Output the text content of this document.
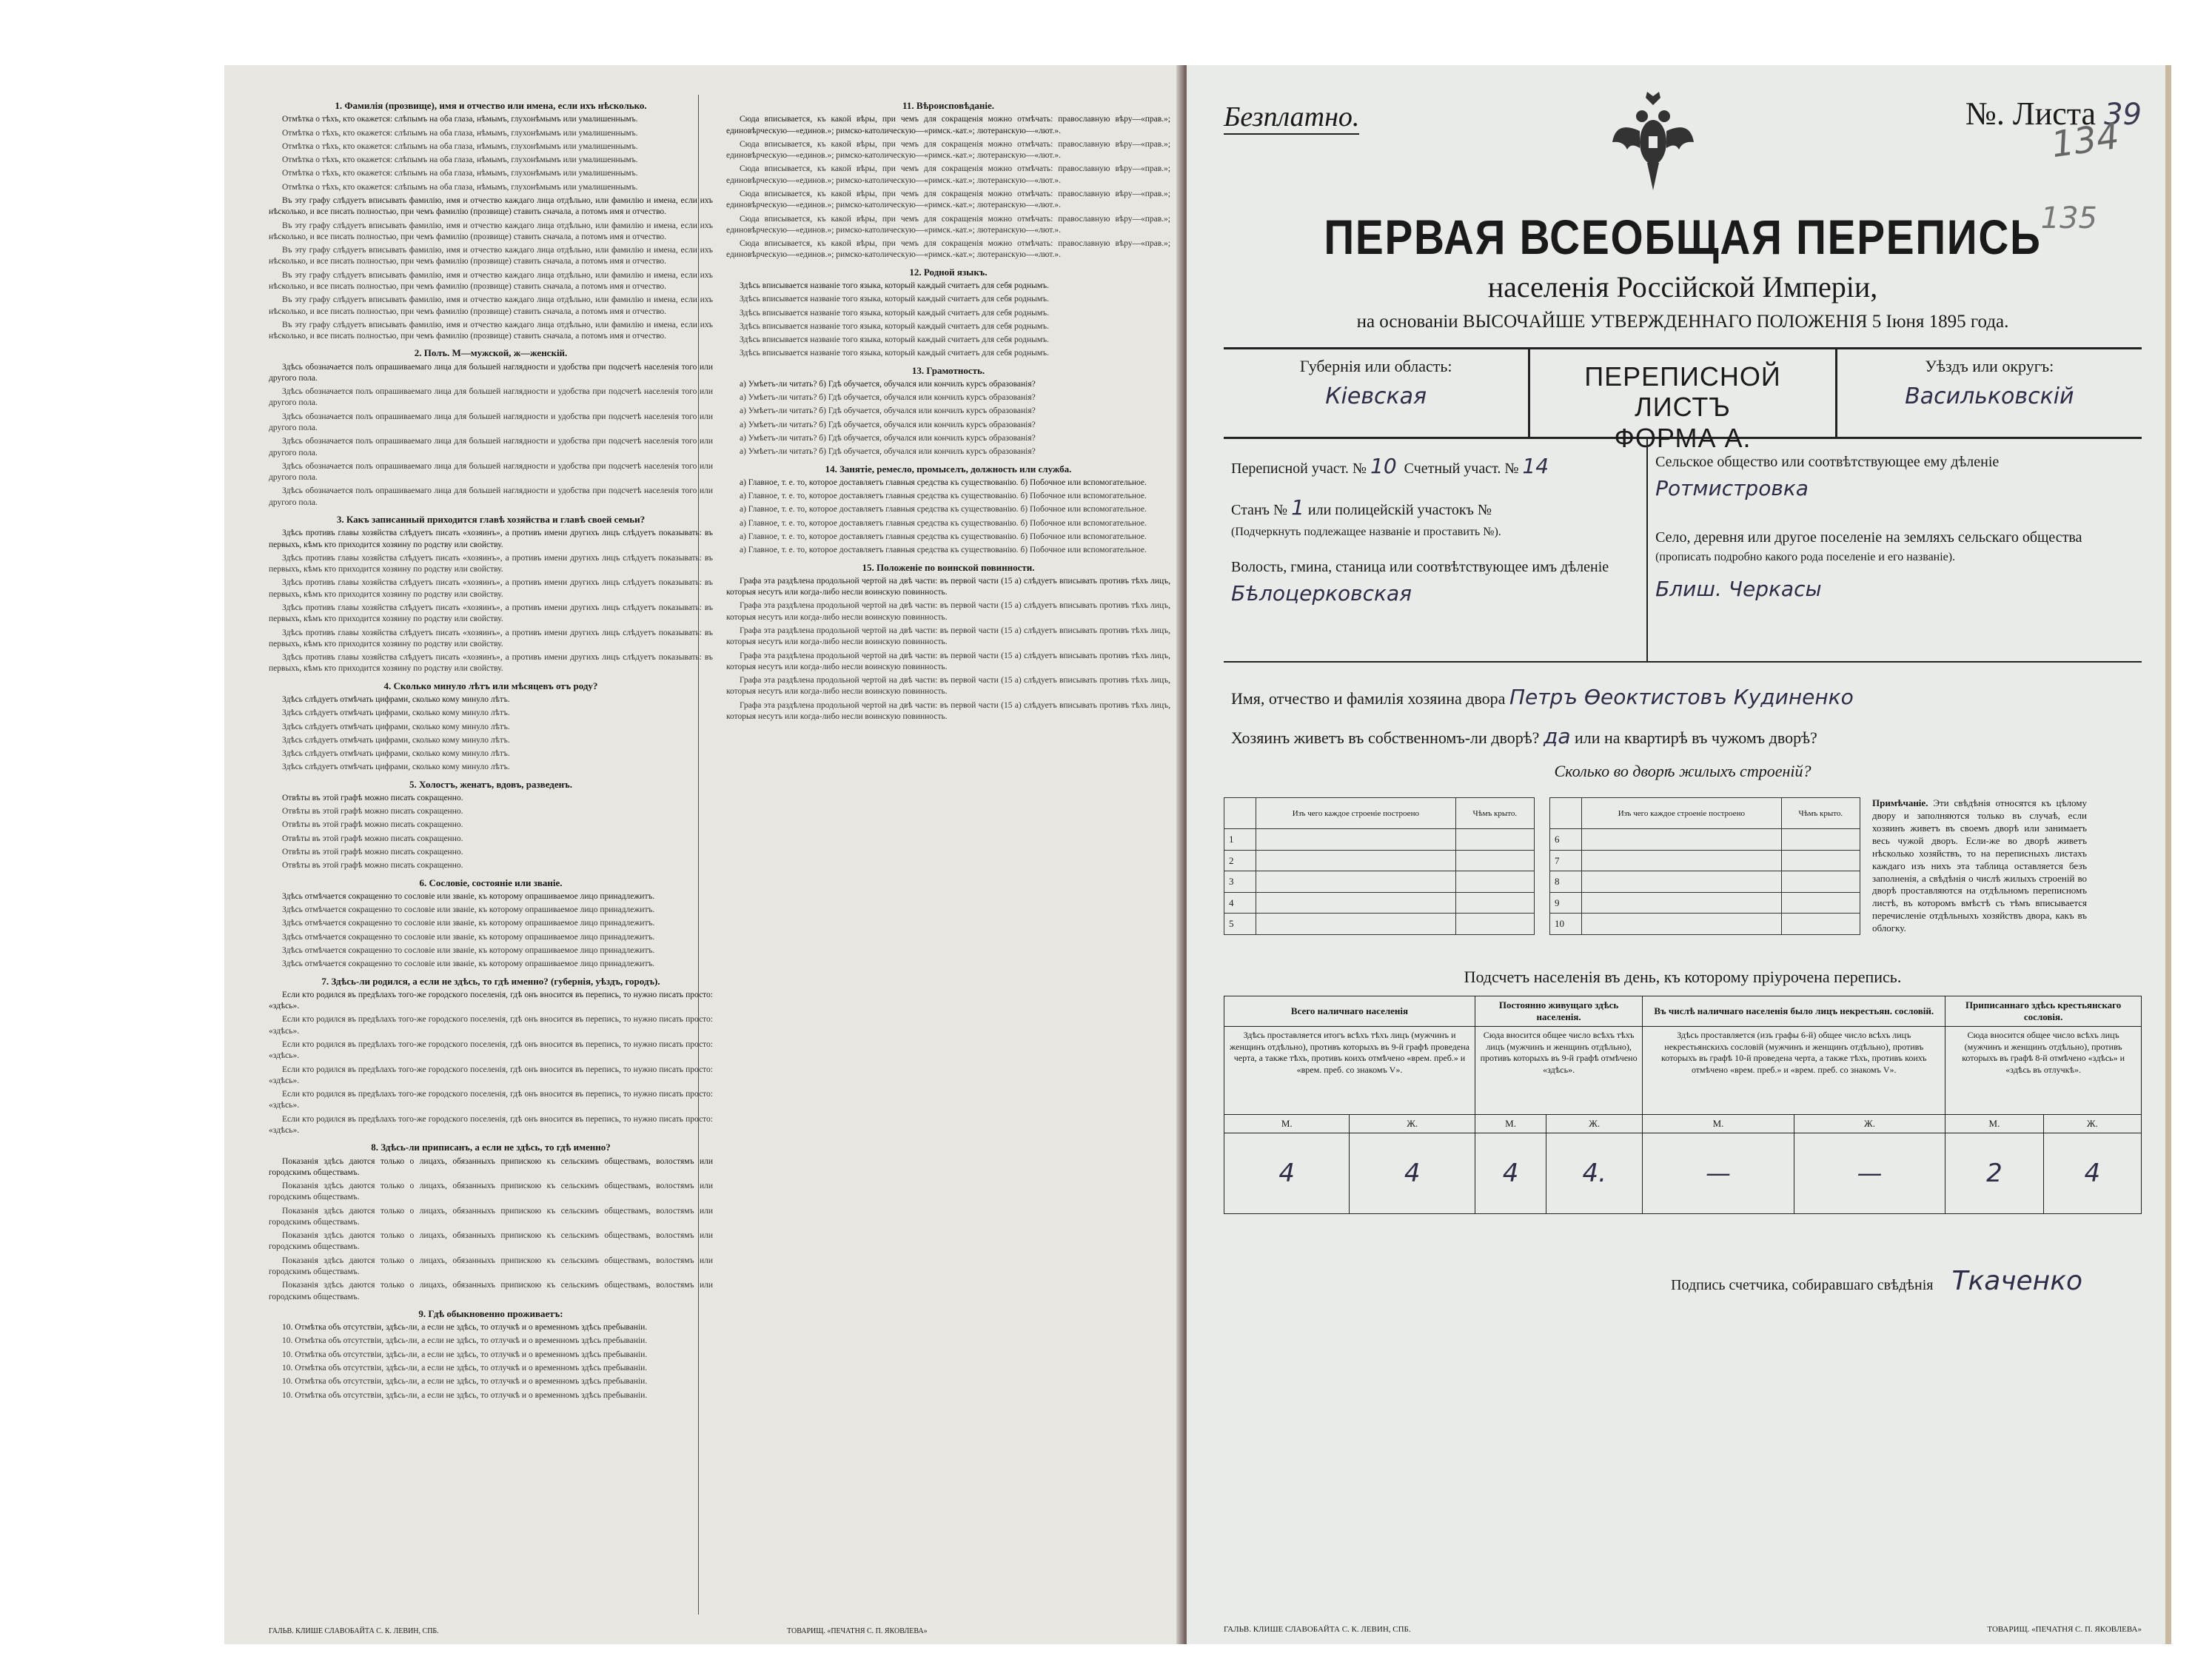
1. Фамилія (прозвище), имя и отчество или имена, если ихъ нѣсколько.

Отмѣтка о тѣхъ, кто окажется: слѣпымъ на оба глаза, нѣмымъ, глухонѣмымъ или умалишеннымъ.

Отмѣтка о тѣхъ, кто окажется: слѣпымъ на оба глаза, нѣмымъ, глухонѣмымъ или умалишеннымъ.

Отмѣтка о тѣхъ, кто окажется: слѣпымъ на оба глаза, нѣмымъ, глухонѣмымъ или умалишеннымъ.

Отмѣтка о тѣхъ, кто окажется: слѣпымъ на оба глаза, нѣмымъ, глухонѣмымъ или умалишеннымъ.

Отмѣтка о тѣхъ, кто окажется: слѣпымъ на оба глаза, нѣмымъ, глухонѣмымъ или умалишеннымъ.

Отмѣтка о тѣхъ, кто окажется: слѣпымъ на оба глаза, нѣмымъ, глухонѣмымъ или умалишеннымъ.

Въ эту графу слѣдуетъ вписывать фамилію, имя и отчество каждаго лица отдѣльно, или фамилію и имена, если ихъ нѣсколько, и все писать полностью, при чемъ фамилію (прозвище) ставить сначала, а потомъ имя и отчество.

Въ эту графу слѣдуетъ вписывать фамилію, имя и отчество каждаго лица отдѣльно, или фамилію и имена, если ихъ нѣсколько, и все писать полностью, при чемъ фамилію (прозвище) ставить сначала, а потомъ имя и отчество.

Въ эту графу слѣдуетъ вписывать фамилію, имя и отчество каждаго лица отдѣльно, или фамилію и имена, если ихъ нѣсколько, и все писать полностью, при чемъ фамилію (прозвище) ставить сначала, а потомъ имя и отчество.

Въ эту графу слѣдуетъ вписывать фамилію, имя и отчество каждаго лица отдѣльно, или фамилію и имена, если ихъ нѣсколько, и все писать полностью, при чемъ фамилію (прозвище) ставить сначала, а потомъ имя и отчество.

Въ эту графу слѣдуетъ вписывать фамилію, имя и отчество каждаго лица отдѣльно, или фамилію и имена, если ихъ нѣсколько, и все писать полностью, при чемъ фамилію (прозвище) ставить сначала, а потомъ имя и отчество.

Въ эту графу слѣдуетъ вписывать фамилію, имя и отчество каждаго лица отдѣльно, или фамилію и имена, если ихъ нѣсколько, и все писать полностью, при чемъ фамилію (прозвище) ставить сначала, а потомъ имя и отчество.

2. Полъ. М—мужской, ж—женскій.

Здѣсь обозначается полъ опрашиваемаго лица для большей наглядности и удобства при подсчетѣ населенія того или другого пола.

Здѣсь обозначается полъ опрашиваемаго лица для большей наглядности и удобства при подсчетѣ населенія того или другого пола.

Здѣсь обозначается полъ опрашиваемаго лица для большей наглядности и удобства при подсчетѣ населенія того или другого пола.

Здѣсь обозначается полъ опрашиваемаго лица для большей наглядности и удобства при подсчетѣ населенія того или другого пола.

Здѣсь обозначается полъ опрашиваемаго лица для большей наглядности и удобства при подсчетѣ населенія того или другого пола.

Здѣсь обозначается полъ опрашиваемаго лица для большей наглядности и удобства при подсчетѣ населенія того или другого пола.

3. Какъ записанный приходится главѣ хозяйства и главѣ своей семьи?

Здѣсь противъ главы хозяйства слѣдуетъ писать «хозяинъ», а противъ имени другихъ лицъ слѣдуетъ показывать: въ первыхъ, кѣмъ кто приходится хозяину по родству или свойству.

Здѣсь противъ главы хозяйства слѣдуетъ писать «хозяинъ», а противъ имени другихъ лицъ слѣдуетъ показывать: въ первыхъ, кѣмъ кто приходится хозяину по родству или свойству.

Здѣсь противъ главы хозяйства слѣдуетъ писать «хозяинъ», а противъ имени другихъ лицъ слѣдуетъ показывать: въ первыхъ, кѣмъ кто приходится хозяину по родству или свойству.

Здѣсь противъ главы хозяйства слѣдуетъ писать «хозяинъ», а противъ имени другихъ лицъ слѣдуетъ показывать: въ первыхъ, кѣмъ кто приходится хозяину по родству или свойству.

Здѣсь противъ главы хозяйства слѣдуетъ писать «хозяинъ», а противъ имени другихъ лицъ слѣдуетъ показывать: въ первыхъ, кѣмъ кто приходится хозяину по родству или свойству.

Здѣсь противъ главы хозяйства слѣдуетъ писать «хозяинъ», а противъ имени другихъ лицъ слѣдуетъ показывать: въ первыхъ, кѣмъ кто приходится хозяину по родству или свойству.

4. Сколько минуло лѣтъ или мѣсяцевъ отъ роду?

Здѣсь слѣдуетъ отмѣчать цифрами, сколько кому минуло лѣтъ.

Здѣсь слѣдуетъ отмѣчать цифрами, сколько кому минуло лѣтъ.

Здѣсь слѣдуетъ отмѣчать цифрами, сколько кому минуло лѣтъ.

Здѣсь слѣдуетъ отмѣчать цифрами, сколько кому минуло лѣтъ.

Здѣсь слѣдуетъ отмѣчать цифрами, сколько кому минуло лѣтъ.

Здѣсь слѣдуетъ отмѣчать цифрами, сколько кому минуло лѣтъ.

5. Холостъ, женатъ, вдовъ, разведенъ.

Отвѣты въ этой графѣ можно писать сокращенно.

Отвѣты въ этой графѣ можно писать сокращенно.

Отвѣты въ этой графѣ можно писать сокращенно.

Отвѣты въ этой графѣ можно писать сокращенно.

Отвѣты въ этой графѣ можно писать сокращенно.

Отвѣты въ этой графѣ можно писать сокращенно.

6. Сословіе, состояніе или званіе.

Здѣсь отмѣчается сокращенно то сословіе или званіе, къ которому опрашиваемое лицо принадлежитъ.

Здѣсь отмѣчается сокращенно то сословіе или званіе, къ которому опрашиваемое лицо принадлежитъ.

Здѣсь отмѣчается сокращенно то сословіе или званіе, къ которому опрашиваемое лицо принадлежитъ.

Здѣсь отмѣчается сокращенно то сословіе или званіе, къ которому опрашиваемое лицо принадлежитъ.

Здѣсь отмѣчается сокращенно то сословіе или званіе, къ которому опрашиваемое лицо принадлежитъ.

Здѣсь отмѣчается сокращенно то сословіе или званіе, къ которому опрашиваемое лицо принадлежитъ.

7. Здѣсь-ли родился, а если не здѣсь, то гдѣ именно? (губернія, уѣздъ, городъ).

Если кто родился въ предѣлахъ того-же городского поселенія, гдѣ онъ вносится въ перепись, то нужно писать просто: «здѣсь».

Если кто родился въ предѣлахъ того-же городского поселенія, гдѣ онъ вносится въ перепись, то нужно писать просто: «здѣсь».

Если кто родился въ предѣлахъ того-же городского поселенія, гдѣ онъ вносится въ перепись, то нужно писать просто: «здѣсь».

Если кто родился въ предѣлахъ того-же городского поселенія, гдѣ онъ вносится въ перепись, то нужно писать просто: «здѣсь».

Если кто родился въ предѣлахъ того-же городского поселенія, гдѣ онъ вносится въ перепись, то нужно писать просто: «здѣсь».

Если кто родился въ предѣлахъ того-же городского поселенія, гдѣ онъ вносится въ перепись, то нужно писать просто: «здѣсь».

8. Здѣсь-ли приписанъ, а если не здѣсь, то гдѣ именно?

Показанія здѣсь даются только о лицахъ, обязанныхъ припискою къ сельскимъ обществамъ, волостямъ или городскимъ обществамъ.

Показанія здѣсь даются только о лицахъ, обязанныхъ припискою къ сельскимъ обществамъ, волостямъ или городскимъ обществамъ.

Показанія здѣсь даются только о лицахъ, обязанныхъ припискою къ сельскимъ обществамъ, волостямъ или городскимъ обществамъ.

Показанія здѣсь даются только о лицахъ, обязанныхъ припискою къ сельскимъ обществамъ, волостямъ или городскимъ обществамъ.

Показанія здѣсь даются только о лицахъ, обязанныхъ припискою къ сельскимъ обществамъ, волостямъ или городскимъ обществамъ.

Показанія здѣсь даются только о лицахъ, обязанныхъ припискою къ сельскимъ обществамъ, волостямъ или городскимъ обществамъ.

9. Гдѣ обыкновенно проживаетъ:

10. Отмѣтка объ отсутствіи, здѣсь-ли, а если не здѣсь, то отлучкѣ и о временномъ здѣсь пребываніи.

10. Отмѣтка объ отсутствіи, здѣсь-ли, а если не здѣсь, то отлучкѣ и о временномъ здѣсь пребываніи.

10. Отмѣтка объ отсутствіи, здѣсь-ли, а если не здѣсь, то отлучкѣ и о временномъ здѣсь пребываніи.

10. Отмѣтка объ отсутствіи, здѣсь-ли, а если не здѣсь, то отлучкѣ и о временномъ здѣсь пребываніи.

10. Отмѣтка объ отсутствіи, здѣсь-ли, а если не здѣсь, то отлучкѣ и о временномъ здѣсь пребываніи.

10. Отмѣтка объ отсутствіи, здѣсь-ли, а если не здѣсь, то отлучкѣ и о временномъ здѣсь пребываніи.

11. Вѣроисповѣданіе.

Сюда вписывается, къ какой вѣры, при чемъ для сокращенія можно отмѣчать: православную вѣру—«прав.»; единовѣрческую—«единов.»; римско-католическую—«римск.-кат.»; лютеранскую—«лют.».

Сюда вписывается, къ какой вѣры, при чемъ для сокращенія можно отмѣчать: православную вѣру—«прав.»; единовѣрческую—«единов.»; римско-католическую—«римск.-кат.»; лютеранскую—«лют.».

Сюда вписывается, къ какой вѣры, при чемъ для сокращенія можно отмѣчать: православную вѣру—«прав.»; единовѣрческую—«единов.»; римско-католическую—«римск.-кат.»; лютеранскую—«лют.».

Сюда вписывается, къ какой вѣры, при чемъ для сокращенія можно отмѣчать: православную вѣру—«прав.»; единовѣрческую—«единов.»; римско-католическую—«римск.-кат.»; лютеранскую—«лют.».

Сюда вписывается, къ какой вѣры, при чемъ для сокращенія можно отмѣчать: православную вѣру—«прав.»; единовѣрческую—«единов.»; римско-католическую—«римск.-кат.»; лютеранскую—«лют.».

Сюда вписывается, къ какой вѣры, при чемъ для сокращенія можно отмѣчать: православную вѣру—«прав.»; единовѣрческую—«единов.»; римско-католическую—«римск.-кат.»; лютеранскую—«лют.».

12. Родной языкъ.

Здѣсь вписывается названіе того языка, который каждый считаетъ для себя роднымъ.

Здѣсь вписывается названіе того языка, который каждый считаетъ для себя роднымъ.

Здѣсь вписывается названіе того языка, который каждый считаетъ для себя роднымъ.

Здѣсь вписывается названіе того языка, который каждый считаетъ для себя роднымъ.

Здѣсь вписывается названіе того языка, который каждый считаетъ для себя роднымъ.

Здѣсь вписывается названіе того языка, который каждый считаетъ для себя роднымъ.

13. Грамотность.

а) Умѣетъ-ли читать? б) Гдѣ обучается, обучался или кончилъ курсъ образованія?

а) Умѣетъ-ли читать? б) Гдѣ обучается, обучался или кончилъ курсъ образованія?

а) Умѣетъ-ли читать? б) Гдѣ обучается, обучался или кончилъ курсъ образованія?

а) Умѣетъ-ли читать? б) Гдѣ обучается, обучался или кончилъ курсъ образованія?

а) Умѣетъ-ли читать? б) Гдѣ обучается, обучался или кончилъ курсъ образованія?

а) Умѣетъ-ли читать? б) Гдѣ обучается, обучался или кончилъ курсъ образованія?

14. Занятіе, ремесло, промыселъ, должность или служба.

а) Главное, т. е. то, которое доставляетъ главныя средства къ существованію. б) Побочное или вспомогательное.

а) Главное, т. е. то, которое доставляетъ главныя средства къ существованію. б) Побочное или вспомогательное.

а) Главное, т. е. то, которое доставляетъ главныя средства къ существованію. б) Побочное или вспомогательное.

а) Главное, т. е. то, которое доставляетъ главныя средства къ существованію. б) Побочное или вспомогательное.

а) Главное, т. е. то, которое доставляетъ главныя средства къ существованію. б) Побочное или вспомогательное.

а) Главное, т. е. то, которое доставляетъ главныя средства къ существованію. б) Побочное или вспомогательное.

15. Положеніе по воинской повинности.

Графа эта раздѣлена продольной чертой на двѣ части: въ первой части (15 а) слѣдуетъ вписывать противъ тѣхъ лицъ, которыя несутъ или когда-либо несли воинскую повинность.

Графа эта раздѣлена продольной чертой на двѣ части: въ первой части (15 а) слѣдуетъ вписывать противъ тѣхъ лицъ, которыя несутъ или когда-либо несли воинскую повинность.

Графа эта раздѣлена продольной чертой на двѣ части: въ первой части (15 а) слѣдуетъ вписывать противъ тѣхъ лицъ, которыя несутъ или когда-либо несли воинскую повинность.

Графа эта раздѣлена продольной чертой на двѣ части: въ первой части (15 а) слѣдуетъ вписывать противъ тѣхъ лицъ, которыя несутъ или когда-либо несли воинскую повинность.

Графа эта раздѣлена продольной чертой на двѣ части: въ первой части (15 а) слѣдуетъ вписывать противъ тѣхъ лицъ, которыя несутъ или когда-либо несли воинскую повинность.

Графа эта раздѣлена продольной чертой на двѣ части: въ первой части (15 а) слѣдуетъ вписывать противъ тѣхъ лицъ, которыя несутъ или когда-либо несли воинскую повинность.

ГАЛЬВ. КЛИШЕ СЛАВОБАЙТА С. К. ЛЕВИН, СПБ.	ТОВАРИЩ. «ПЕЧАТНЯ С. П. ЯКОВЛЕВА»
Безплатно.	№. Листа 39
134
135
ПЕРВАЯ ВСЕОБЩАЯ ПЕРЕПИСЬ
населенія Россійской Имперіи,
на основаніи ВЫСОЧАЙШЕ УТВЕРЖДЕННАГО ПОЛОЖЕНІЯ 5 Іюня 1895 года.
Губернія или область:
Кіевская
ПЕРЕПИСНОЙ ЛИСТЪ
ФОРМА А.
Уѣздъ или округъ:
Васильковскій
Переписной участ. № 10 Счетный участ. № 14
Станъ № 1 или полицейскій участокъ №
(Подчеркнуть подлежащее названіе и проставить №).
Волость, гмина, станица или соотвѣтствующее имъ дѣленіе
Бѣлоцерковская
Сельское общество или соотвѣтствующее ему дѣленіе Ротмистровка
Село, деревня или другое поселеніе на земляхъ сельскаго общества
(прописать подробно какого рода поселеніе и его названіе).
Блиш. Черкасы
Имя, отчество и фамилія хозяина двора Петръ Ѳеоктистовъ Кудиненко
Хозяинъ живетъ въ собственномъ-ли дворѣ? да или на квартирѣ въ чужомъ дворѣ?
Сколько во дворѣ жилыхъ строеній?
	Изъ чего каждое строеніе построено	Чѣмъ крыто.
1		
2		
3		
4		
5		
	Изъ чего каждое строеніе построено	Чѣмъ крыто.
6		
7		
8		
9		
10		
Примѣчаніе. Эти свѣдѣнія относятся къ цѣлому двору и заполняются только въ случаѣ, если хозяинъ живетъ въ своемъ дворѣ или занимаетъ весь чужой дворъ. Если-же во дворѣ живетъ нѣсколько хозяйствъ, то на переписныхъ листахъ каждаго изъ нихъ эта таблица оставляется безъ заполненія, а свѣдѣнія о числѣ жилыхъ строеній во дворѣ проставляются на отдѣльномъ переписномъ листѣ, въ которомъ вмѣстѣ съ тѣмъ вписывается перечисленіе отдѣльныхъ хозяйствъ двора, какъ въ облогку.
Подсчетъ населенія въ день, къ которому пріурочена перепись.
Всего наличнаго населенія		Постоянно живущаго здѣсь населенія.		Въ числѣ наличнаго населенія было лицъ некрестьян. сословій.		Приписаннаго здѣсь крестьянскаго сословія.	
Здѣсь проставляется итогъ всѣхъ тѣхъ лицъ (мужчинъ и женщинъ отдѣльно), противъ которыхъ въ 9-й графѣ проведена черта, а также тѣхъ, противъ коихъ отмѣчено «врем. преб.» и «врем. преб. со знакомъ V».		Сюда вносится общее число всѣхъ тѣхъ лицъ (мужчинъ и женщинъ отдѣльно), противъ которыхъ въ 9-й графѣ отмѣчено «здѣсь».		Здѣсь проставляется (изъ графы 6-й) общее число всѣхъ лицъ некрестьянскихъ сословій (мужчинъ и женщинъ отдѣльно), противъ которыхъ въ графѣ 10-й проведена черта, а также тѣхъ, противъ коихъ отмѣчено «врем. преб.» и «врем. преб. со знакомъ V».		Сюда вносится общее число всѣхъ лицъ (мужчинъ и женщинъ отдѣльно), противъ которыхъ въ графѣ 8-й отмѣчено «здѣсь» и «здѣсь въ отлучкѣ».	
М.	Ж.	М.	Ж.	М.	Ж.	М.	Ж.
4	4	4	4.	—	—	2	4
Подпись счетчика, собиравшаго свѣдѣнія Ткаченко
ГАЛЬВ. КЛИШЕ СЛАВОБАЙТА С. К. ЛЕВИН, СПБ.	ТОВАРИЩ. «ПЕЧАТНЯ С. П. ЯКОВЛЕВА»
